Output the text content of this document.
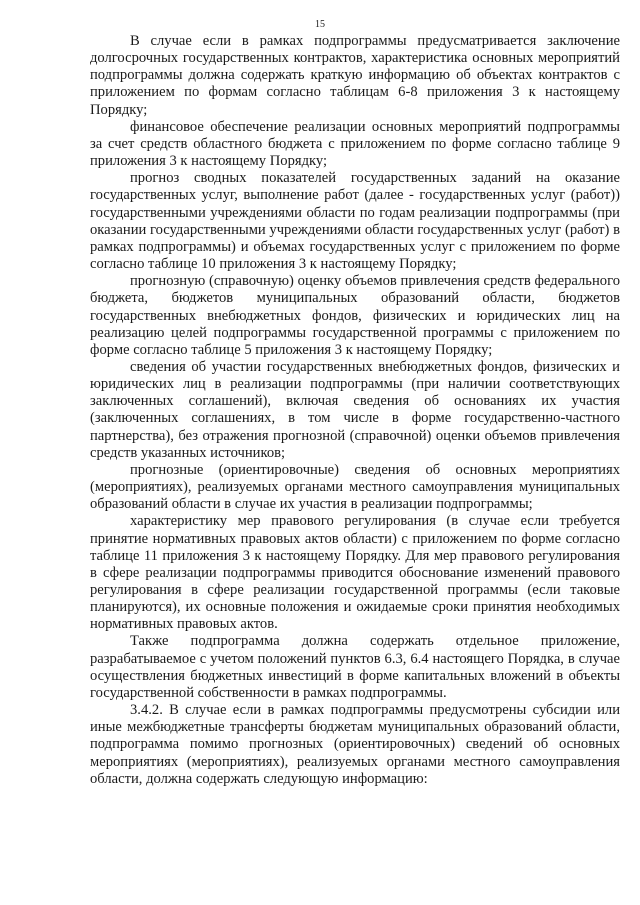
15

В случае если в рамках подпрограммы предусматривается заключение долгосрочных государственных контрактов, характеристика основных мероприятий подпрограммы должна содержать краткую информацию об объектах контрактов с приложением по формам согласно таблицам 6-8 приложения 3 к настоящему Порядку;

финансовое обеспечение реализации основных мероприятий подпрограммы за счет средств областного бюджета с приложением по форме согласно таблице 9 приложения 3 к настоящему Порядку;

прогноз сводных показателей государственных заданий на оказание государственных услуг, выполнение работ (далее - государственных услуг (работ)) государственными учреждениями области по годам реализации подпрограммы (при оказании государственными учреждениями области государственных услуг (работ) в рамках подпрограммы) и объемах государственных услуг с приложением по форме согласно таблице 10 приложения 3 к настоящему Порядку;

прогнозную (справочную) оценку объемов привлечения средств федерального бюджета, бюджетов муниципальных образований области, бюджетов государственных внебюджетных фондов, физических и юридических лиц на реализацию целей подпрограммы государственной программы с приложением по форме согласно таблице 5 приложения 3 к настоящему Порядку;

сведения об участии государственных внебюджетных фондов, физических и юридических лиц в реализации подпрограммы (при наличии соответствующих заключенных соглашений), включая сведения об основаниях их участия (заключенных соглашениях, в том числе в форме государственно-частного партнерства), без отражения прогнозной (справочной) оценки объемов привлечения средств указанных источников;

прогнозные (ориентировочные) сведения об основных мероприятиях (мероприятиях), реализуемых органами местного самоуправления муниципальных образований области в случае их участия в реализации подпрограммы;

характеристику мер правового регулирования (в случае если требуется принятие нормативных правовых актов области) с приложением по форме согласно таблице 11 приложения 3 к настоящему Порядку. Для мер правового регулирования в сфере реализации подпрограммы приводится обоснование изменений правового регулирования в сфере реализации государственной программы (если таковые планируются), их основные положения и ожидаемые сроки принятия необходимых нормативных правовых актов.

Также подпрограмма должна содержать отдельное приложение, разрабатываемое с учетом положений пунктов 6.3, 6.4 настоящего Порядка, в случае осуществления бюджетных инвестиций в форме капитальных вложений в объекты государственной собственности в рамках подпрограммы.

3.4.2. В случае если в рамках подпрограммы предусмотрены субсидии или иные межбюджетные трансферты бюджетам муниципальных образований области, подпрограмма помимо прогнозных (ориентировочных) сведений об основных мероприятиях (мероприятиях), реализуемых органами местного самоуправления области, должна содержать следующую информацию:
